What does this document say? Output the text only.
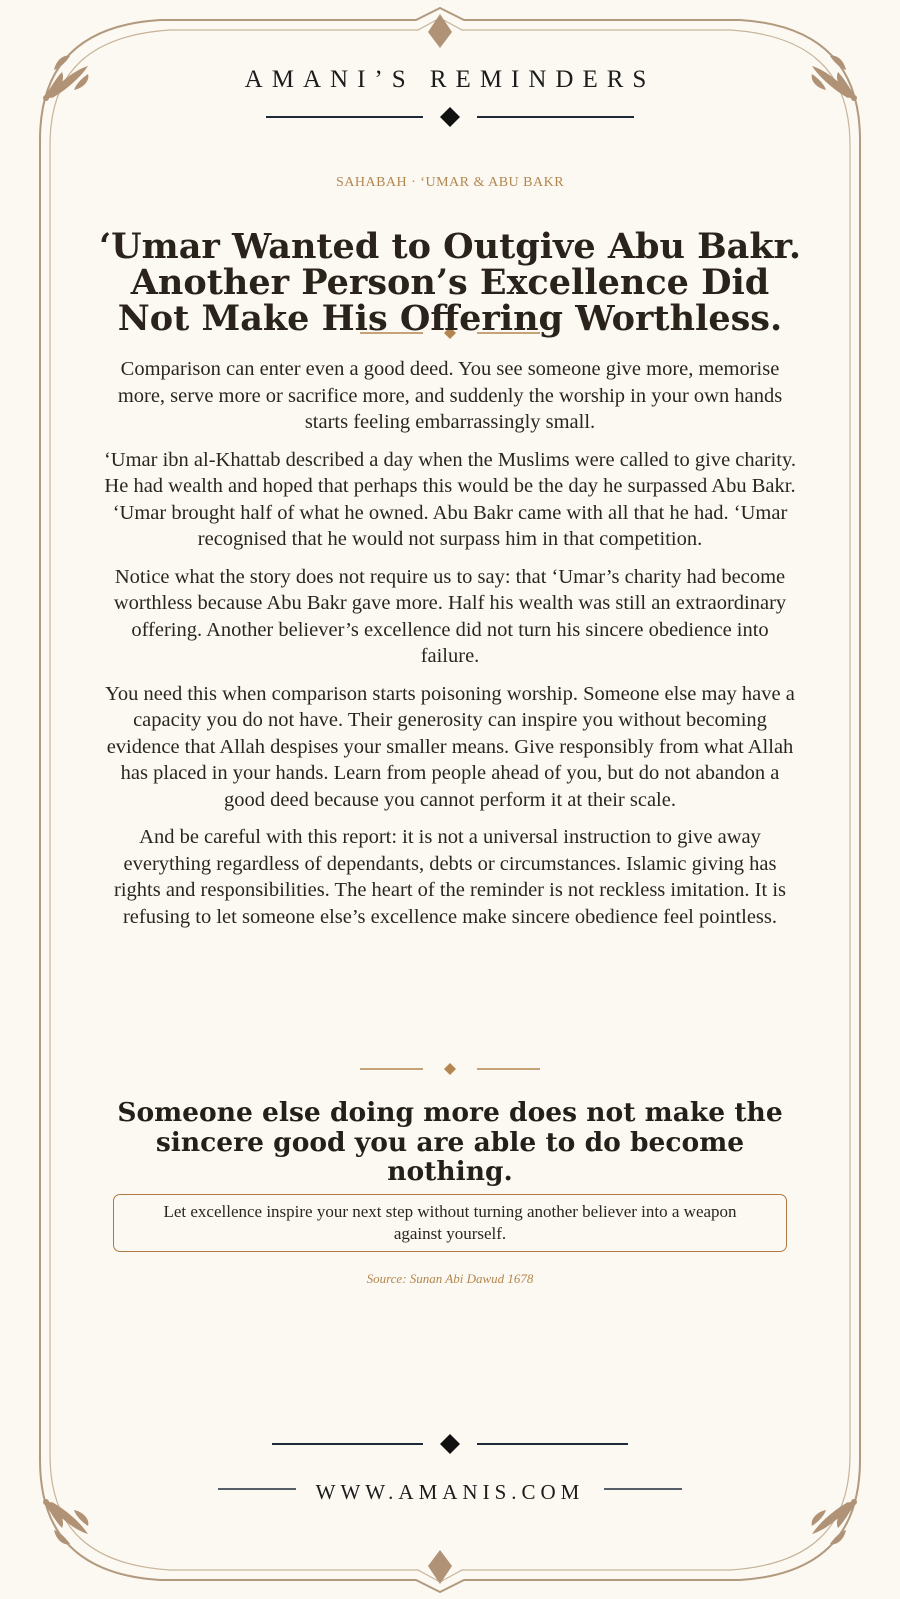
AMANI’S REMINDERS
SAHABAH · ‘UMAR & ABU BAKR
‘Umar Wanted to Outgive Abu Bakr. Another Person’s Excellence Did Not Make His Offering Worthless.

Comparison can enter even a good deed. You see someone give more, memorise more, serve more or sacrifice more, and suddenly the worship in your own hands starts feeling embarrassingly small.

‘Umar ibn al-Khattab described a day when the Muslims were called to give charity. He had wealth and hoped that perhaps this would be the day he surpassed Abu Bakr. ‘Umar brought half of what he owned. Abu Bakr came with all that he had. ‘Umar recognised that he would not surpass him in that competition.

Notice what the story does not require us to say: that ‘Umar’s charity had become worthless because Abu Bakr gave more. Half his wealth was still an extraordinary offering. Another believer’s excellence did not turn his sincere obedience into failure.

You need this when comparison starts poisoning worship. Someone else may have a capacity you do not have. Their generosity can inspire you without becoming evidence that Allah despises your smaller means. Give responsibly from what Allah has placed in your hands. Learn from people ahead of you, but do not abandon a good deed because you cannot perform it at their scale.

And be careful with this report: it is not a universal instruction to give away everything regardless of dependants, debts or circumstances. Islamic giving has rights and responsibilities. The heart of the reminder is not reckless imitation. It is refusing to let someone else’s excellence make sincere obedience feel pointless.

Someone else doing more does not make the sincere good you are able to do become nothing.
Let excellence inspire your next step without turning another believer into a weapon against yourself.
Source: Sunan Abi Dawud 1678
WWW.AMANIS.COM
